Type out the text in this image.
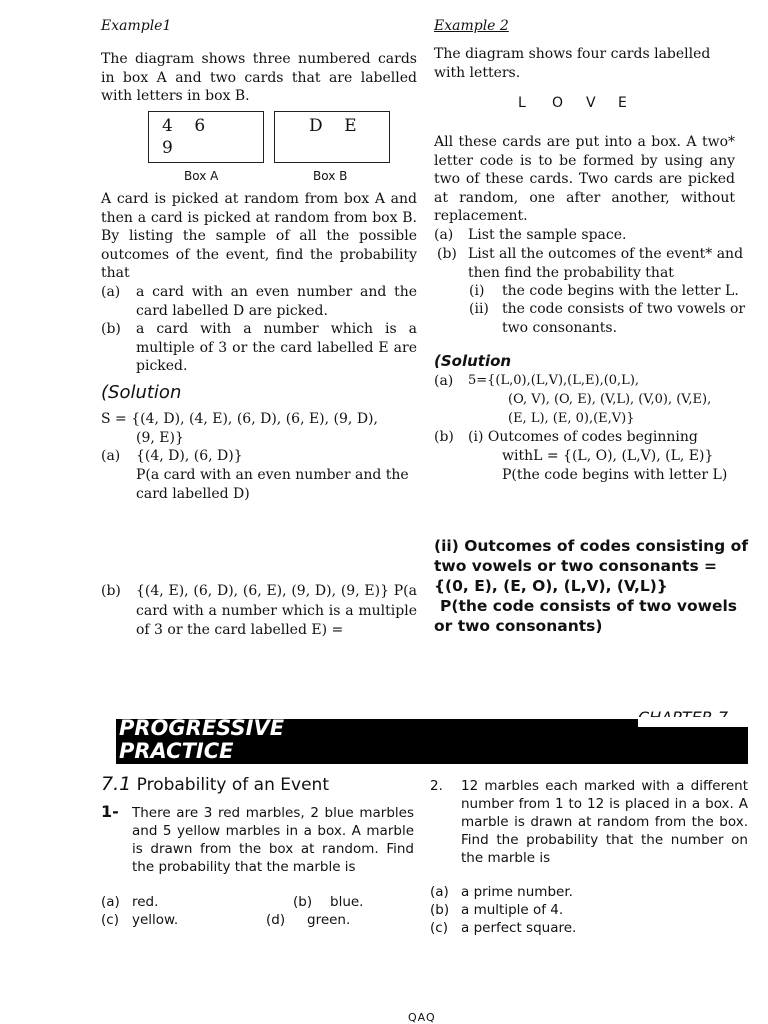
Example1
The diagram shows three numbered cards in box A and two cards that are labelled with letters in box B.
4    6
9
Box A
D    E
Box B
A card is picked at random from box A and then a card is picked at random from box B. By listing the sample of all the possible outcomes of the event, find the probability that
(a) a card with an even number and the card labelled D are picked.
(b) a card with a number which is a multiple of 3 or the card labelled E are picked.
(Solution
S = {(4, D), (4, E), (6, D), (6, E), (9, D),
(9, E)}
(a) {(4, D), (6, D)}
P(a card with an even number and the card labelled D)
(b) {(4, E), (6, D), (6, E), (9, D), (9, E)} P(a card with a number which is a multiple of 3 or the card labelled E) =
Example 2
The diagram shows four cards labelled with letters.
L O V E
All these cards are put into a box. A two* letter code is to be formed by using any two of these cards. Two cards are picked at random, one after another, without replacement.
(a) List the sample space.
(b) List all the outcomes of the event* and then find the probability that
(i) the code begins with the letter L.
(ii) the code consists of two vowels or two consonants.
(Solution
(a) 5={(L,0),(L,V),(L,E),(0,L),
(O, V), (O, E), (V,L), (V,0), (V,E),
(E, L), (E, 0),(E,V)}
(b) (i) Outcomes of codes beginning
withL = {(L, O), (L,V), (L, E)}
P(the code begins with letter L)
(ii) Outcomes of codes consisting of two vowels or two consonants = {(0, E), (E, O), (L,V), (V,L)}
P(the code consists of two vowels or two consonants)
PROGRESSIVE
PRACTICE
7.1 Probability of an Event
1- There are 3 red marbles, 2 blue marbles and 5 yellow marbles in a box. A marble is drawn from the box at random. Find the probability that the marble is
(a) red.	(b) blue.
(c) yellow.	(d) green.
2. 12 marbles each marked with a different number from 1 to 12 is placed in a box. A marble is drawn at random from the box. Find the probability that the number on the marble is
(a) a prime number.
(b) a multiple of 4.
(c) a perfect square.
QAQ
